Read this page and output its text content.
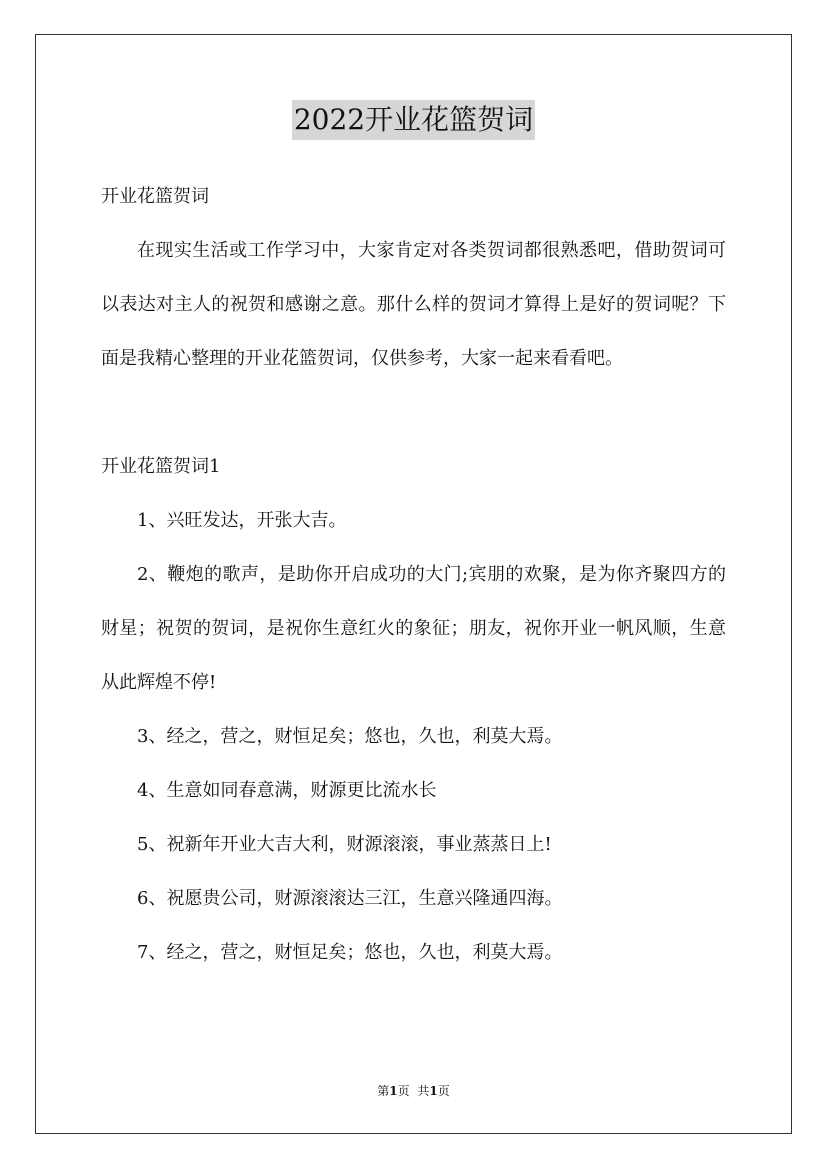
2022开业花篮贺词

开业花篮贺词

在现实生活或工作学习中，大家肯定对各类贺词都很熟悉吧，借助贺词可以表达对主人的祝贺和感谢之意。那什么样的贺词才算得上是好的贺词呢？下面是我精心整理的开业花篮贺词，仅供参考，大家一起来看看吧。

开业花篮贺词1

1、兴旺发达，开张大吉。

2、鞭炮的歌声，是助你开启成功的大门;宾朋的欢聚，是为你齐聚四方的财星；祝贺的贺词，是祝你生意红火的象征；朋友，祝你开业一帆风顺，生意从此辉煌不停!

3、经之，营之，财恒足矣；悠也，久也，利莫大焉。

4、生意如同春意满，财源更比流水长

5、祝新年开业大吉大利，财源滚滚，事业蒸蒸日上!

6、祝愿贵公司，财源滚滚达三江，生意兴隆通四海。

7、经之，营之，财恒足矣；悠也，久也，利莫大焉。

第1页 共1页
